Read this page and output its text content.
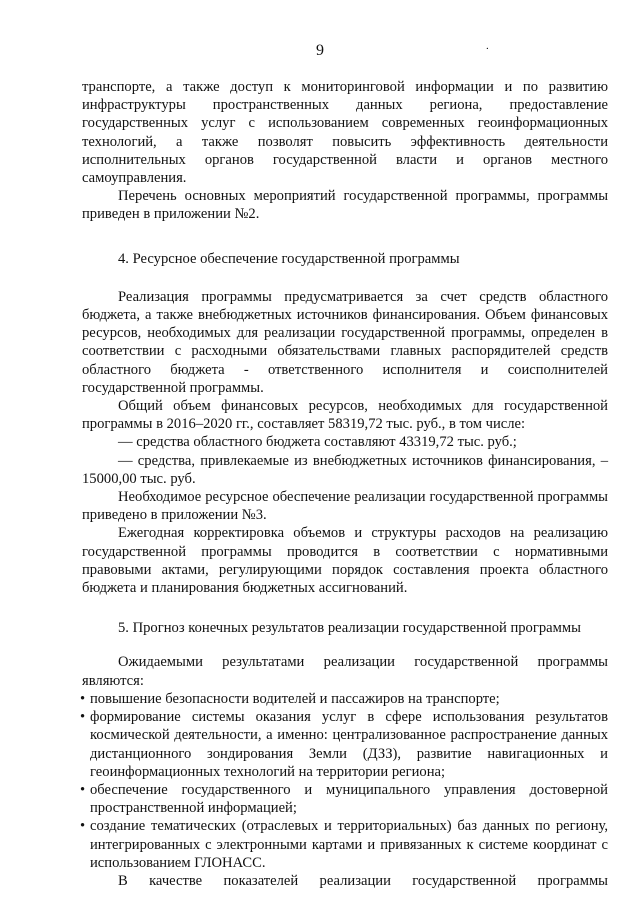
9	.

транспорте, а также доступ к мониторинговой информации и по развитию инфраструктуры пространственных данных региона, предоставление государственных услуг с использованием современных геоинформационных технологий, а также позволят повысить эффективность деятельности исполнительных органов государственной власти и органов местного самоуправления.

Перечень основных мероприятий государственной программы, программы приведен в приложении №2.

4. Ресурсное обеспечение государственной программы

Реализация программы предусматривается за счет средств областного бюджета, а также внебюджетных источников финансирования. Объем финансовых ресурсов, необходимых для реализации государственной программы, определен в соответствии с расходными обязательствами главных распорядителей средств областного бюджета - ответственного исполнителя и соисполнителей государственной программы.

Общий объем финансовых ресурсов, необходимых для государственной программы в 2016–2020 гг., составляет 58319,72 тыс. руб., в том числе:

— средства областного бюджета составляют 43319,72 тыс. руб.;

— средства, привлекаемые из внебюджетных источников финансирования, – 15000,00 тыс. руб.

Необходимое ресурсное обеспечение реализации государственной программы приведено в приложении №3.

Ежегодная корректировка объемов и структуры расходов на реализацию государственной программы проводится в соответствии с нормативными правовыми актами, регулирующими порядок составления проекта областного бюджета и планирования бюджетных ассигнований.

5. Прогноз конечных результатов реализации государственной программы

Ожидаемыми результатами реализации государственной программы являются:

• повышение безопасности водителей и пассажиров на транспорте;
• формирование системы оказания услуг в сфере использования результатов космической деятельности, а именно: централизованное распространение данных дистанционного зондирования Земли (ДЗЗ), развитие навигационных и геоинформационных технологий на территории региона;
• обеспечение государственного и муниципального управления достоверной пространственной информацией;
• создание тематических (отраслевых и территориальных) баз данных по региону, интегрированных с электронными картами и привязанных к системе координат с использованием ГЛОНАСС.

В качестве показателей реализации государственной программы
